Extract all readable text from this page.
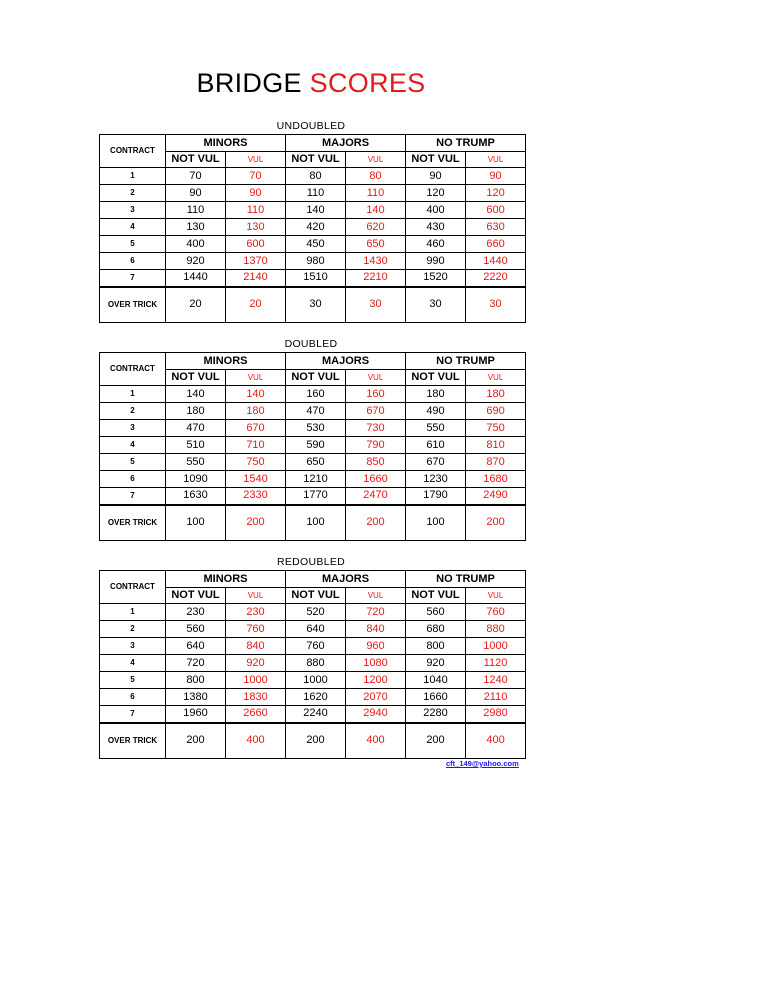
BRIDGE SCORES
UNDOUBLED
CONTRACT	MINORS		MAJORS		NO TRUMP	
	NOT VUL	VUL	NOT VUL	VUL	NOT VUL	VUL
1	70	70	80	80	90	90
2	90	90	110	110	120	120
3	110	110	140	140	400	600
4	130	130	420	620	430	630
5	400	600	450	650	460	660
6	920	1370	980	1430	990	1440
7	1440	2140	1510	2210	1520	2220
OVER TRICK	20	20	30	30	30	30
DOUBLED
CONTRACT	MINORS		MAJORS		NO TRUMP	
	NOT VUL	VUL	NOT VUL	VUL	NOT VUL	VUL
1	140	140	160	160	180	180
2	180	180	470	670	490	690
3	470	670	530	730	550	750
4	510	710	590	790	610	810
5	550	750	650	850	670	870
6	1090	1540	1210	1660	1230	1680
7	1630	2330	1770	2470	1790	2490
OVER TRICK	100	200	100	200	100	200
REDOUBLED
CONTRACT	MINORS		MAJORS		NO TRUMP	
	NOT VUL	VUL	NOT VUL	VUL	NOT VUL	VUL
1	230	230	520	720	560	760
2	560	760	640	840	680	880
3	640	840	760	960	800	1000
4	720	920	880	1080	920	1120
5	800	1000	1000	1200	1040	1240
6	1380	1830	1620	2070	1660	2110
7	1960	2660	2240	2940	2280	2980
OVER TRICK	200	400	200	400	200	400
cft_149@yahoo.com
